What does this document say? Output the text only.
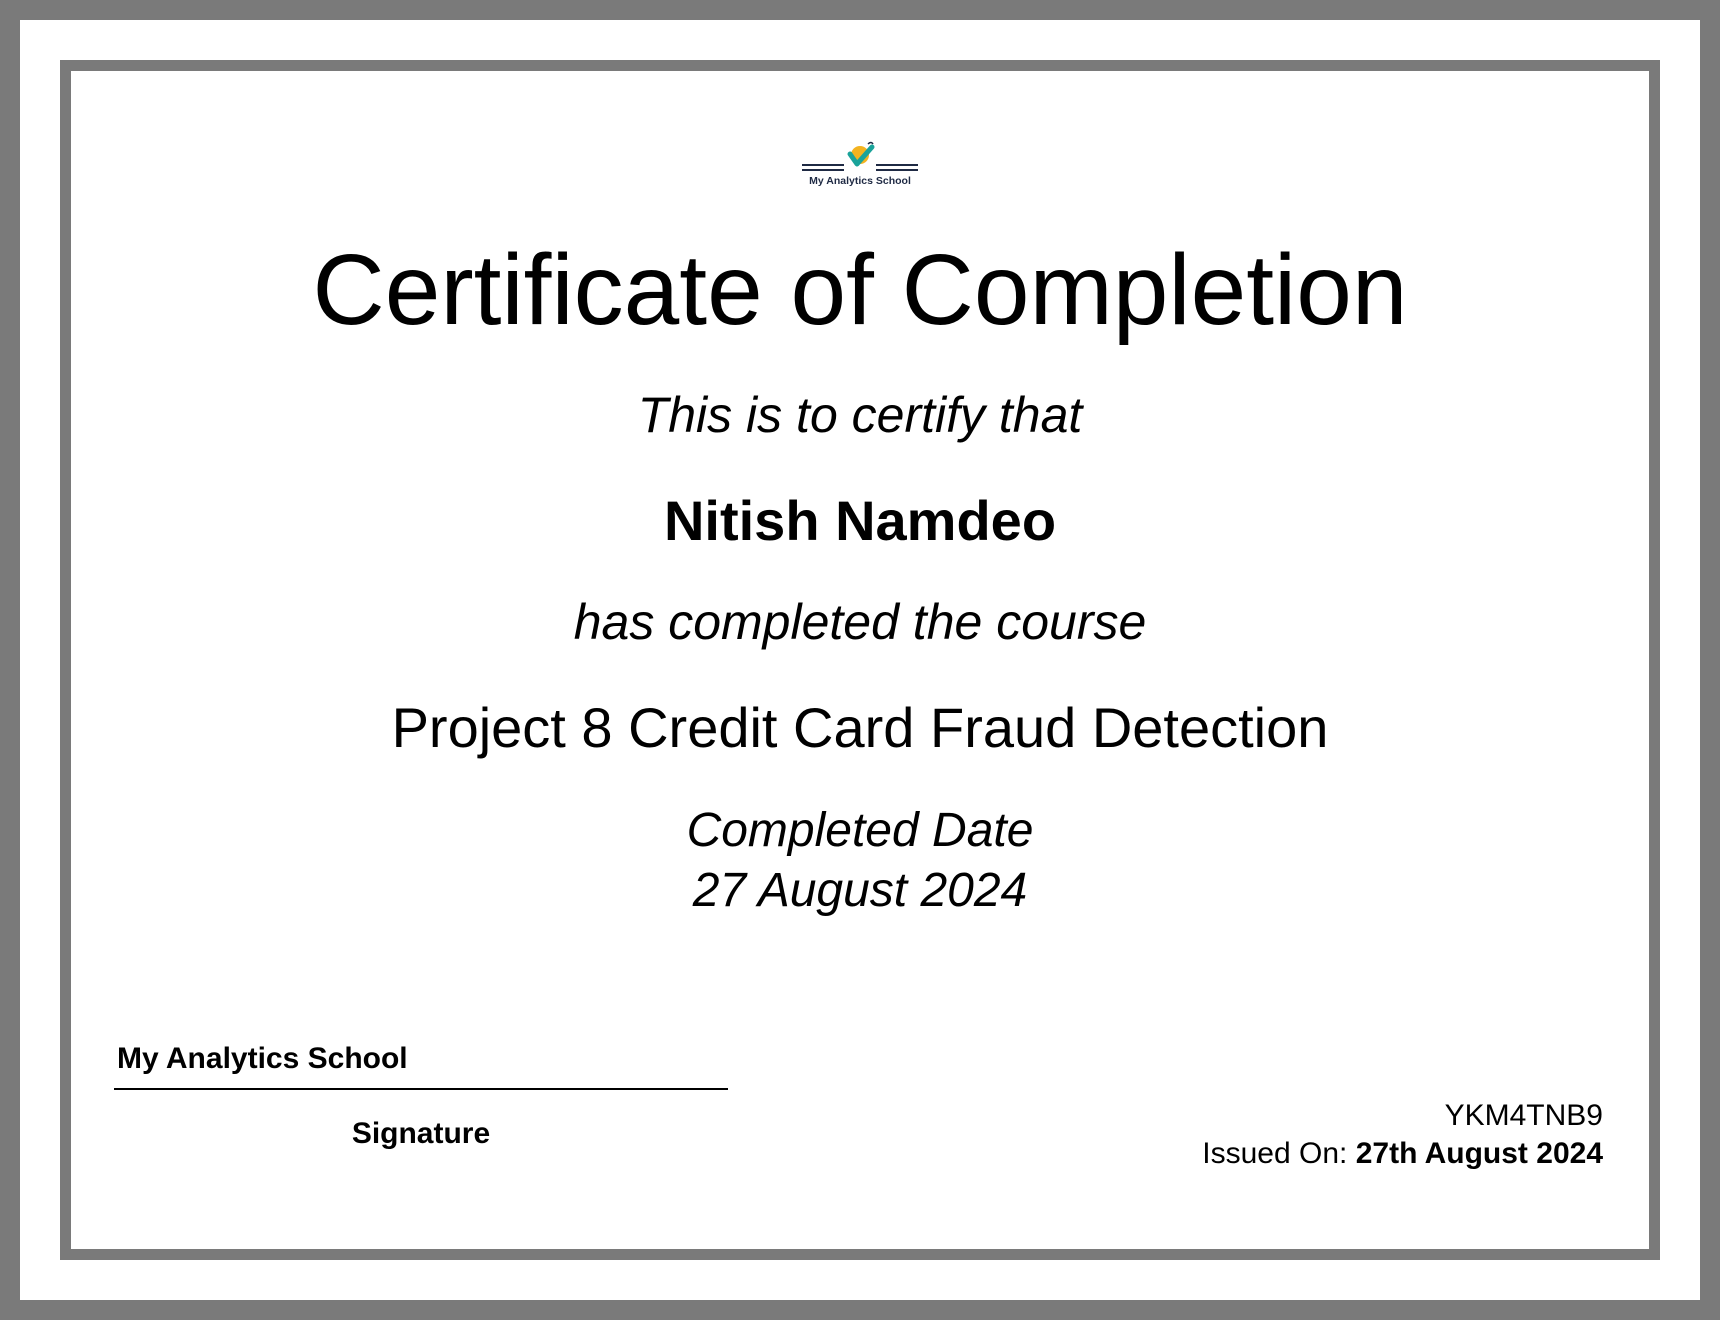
My Analytics School
Certificate of Completion
This is to certify that
Nitish Namdeo
has completed the course
Project 8 Credit Card Fraud Detection
Completed Date
27 August 2024
My Analytics School
Signature
YKM4TNB9
Issued On: 27th August 2024
